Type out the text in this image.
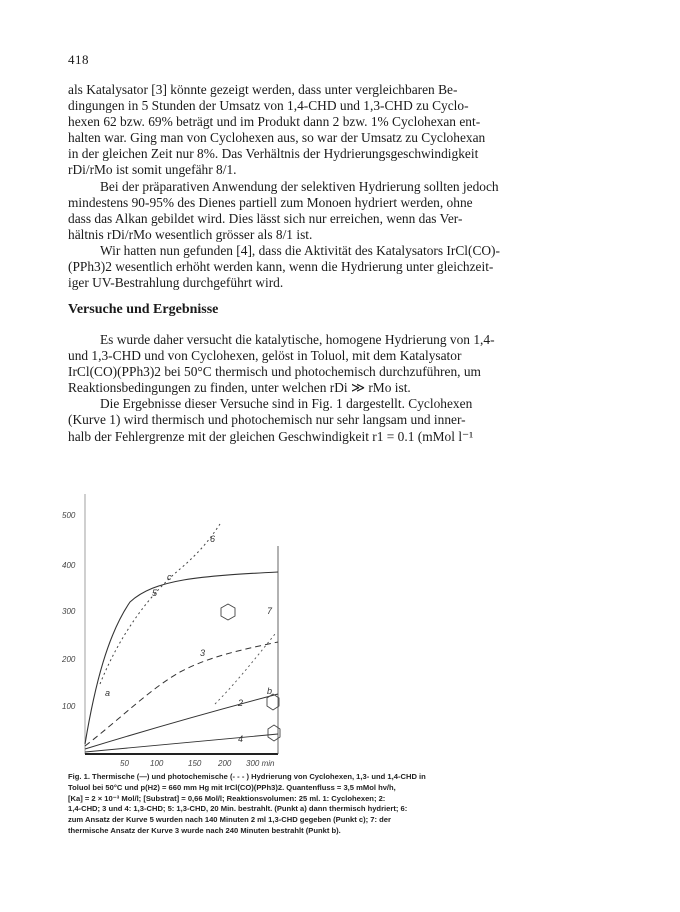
418

als Katalysator [3] könnte gezeigt werden, dass unter vergleichbaren Be-

dingungen in 5 Stunden der Umsatz von 1,4-CHD und 1,3-CHD zu Cyclo-

hexen 62 bzw. 69% beträgt und im Produkt dann 2 bzw. 1% Cyclohexan ent-

halten war. Ging man von Cyclohexen aus, so war der Umsatz zu Cyclohexan

in der gleichen Zeit nur 8%. Das Verhältnis der Hydrierungsgeschwindigkeit

rDi/rMo ist somit ungefähr 8/1.

Bei der präparativen Anwendung der selektiven Hydrierung sollten jedoch

mindestens 90-95% des Dienes partiell zum Monoen hydriert werden, ohne

dass das Alkan gebildet wird. Dies lässt sich nur erreichen, wenn das Ver-

hältnis rDi/rMo wesentlich grösser als 8/1 ist.

Wir hatten nun gefunden [4], dass die Aktivität des Katalysators IrCl(CO)-

(PPh3)2 wesentlich erhöht werden kann, wenn die Hydrierung unter gleichzeit-

iger UV-Bestrahlung durchgeführt wird.

Versuche und Ergebnisse

Es wurde daher versucht die katalytische, homogene Hydrierung von 1,4-

und 1,3-CHD und von Cyclohexen, gelöst in Toluol, mit dem Katalysator

IrCl(CO)(PPh3)2 bei 50°C thermisch und photochemisch durchzuführen, um

Reaktionsbedingungen zu finden, unter welchen rDi ≫ rMo ist.

Die Ergebnisse dieser Versuche sind in Fig. 1 dargestellt. Cyclohexen

(Kurve 1) wird thermisch und photochemisch nur sehr langsam und inner-

halb der Fehlergrenze mit der gleichen Geschwindigkeit r1 = 0.1 (mMol l⁻¹

500
400
300
200
100
50	100	150 200 300 min
6
5
7
3
2
4
a	b
c

Fig. 1. Thermische (—) und photochemische (- - - ) Hydrierung von Cyclohexen, 1,3- und 1,4-CHD in

Toluol bei 50°C und p(H2) = 660 mm Hg mit IrCl(CO)(PPh3)2. Quantenfluss = 3,5 mMol hν/h,

[Ka] = 2 × 10⁻³ Mol/l; [Substrat] = 0,66 Mol/l; Reaktionsvolumen: 25 ml. 1: Cyclohexen; 2:

1,4-CHD; 3 und 4: 1,3-CHD; 5: 1,3-CHD, 20 Min. bestrahlt. (Punkt a) dann thermisch hydriert; 6:

zum Ansatz der Kurve 5 wurden nach 140 Minuten 2 ml 1,3-CHD gegeben (Punkt c); 7: der

thermische Ansatz der Kurve 3 wurde nach 240 Minuten bestrahlt (Punkt b).
